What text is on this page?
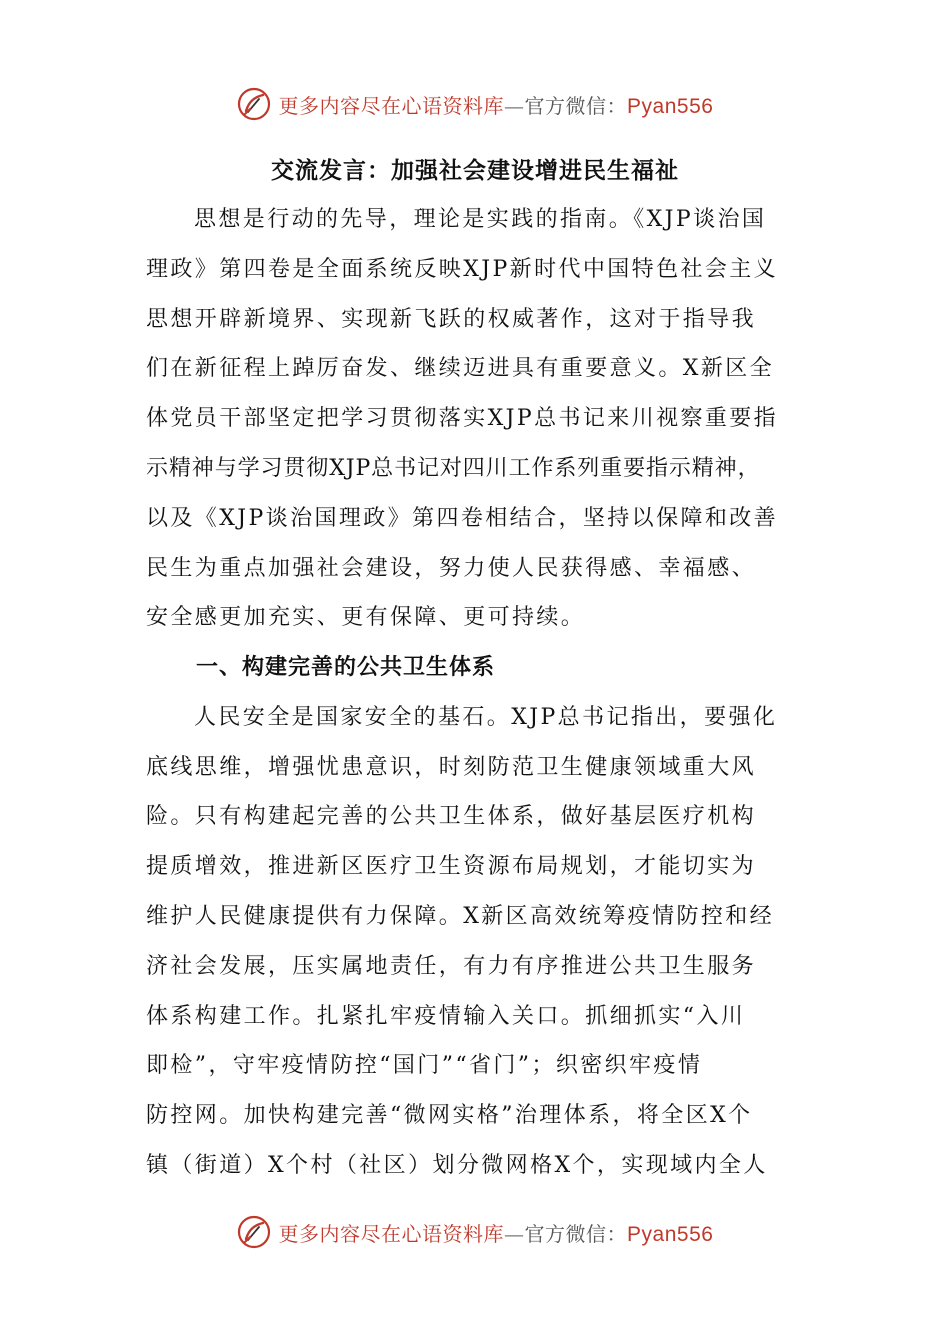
更多内容尽在心语资料库—官方微信：Pyan556
交流发言：加强社会建设增进民生福祉
思想是行动的先导，理论是实践的指南。《XJP谈治国
理政》第四卷是全面系统反映XJP新时代中国特色社会主义
思想开辟新境界、实现新飞跃的权威著作，这对于指导我
们在新征程上踔厉奋发、继续迈进具有重要意义。X新区全
体党员干部坚定把学习贯彻落实XJP总书记来川视察重要指
示精神与学习贯彻XJP总书记对四川工作系列重要指示精神，
以及《XJP谈治国理政》第四卷相结合，坚持以保障和改善
民生为重点加强社会建设，努力使人民获得感、幸福感、
安全感更加充实、更有保障、更可持续。
一、构建完善的公共卫生体系
人民安全是国家安全的基石。XJP总书记指出，要强化
底线思维，增强忧患意识，时刻防范卫生健康领域重大风
险。只有构建起完善的公共卫生体系，做好基层医疗机构
提质增效，推进新区医疗卫生资源布局规划，才能切实为
维护人民健康提供有力保障。X新区高效统筹疫情防控和经
济社会发展，压实属地责任，有力有序推进公共卫生服务
体系构建工作。扎紧扎牢疫情输入关口。抓细抓实“入川
即检”，守牢疫情防控“国门”“省门”；织密织牢疫情
防控网。加快构建完善“微网实格”治理体系，将全区X个
镇（街道）X个村（社区）划分微网格X个，实现域内全人
更多内容尽在心语资料库—官方微信：Pyan556
